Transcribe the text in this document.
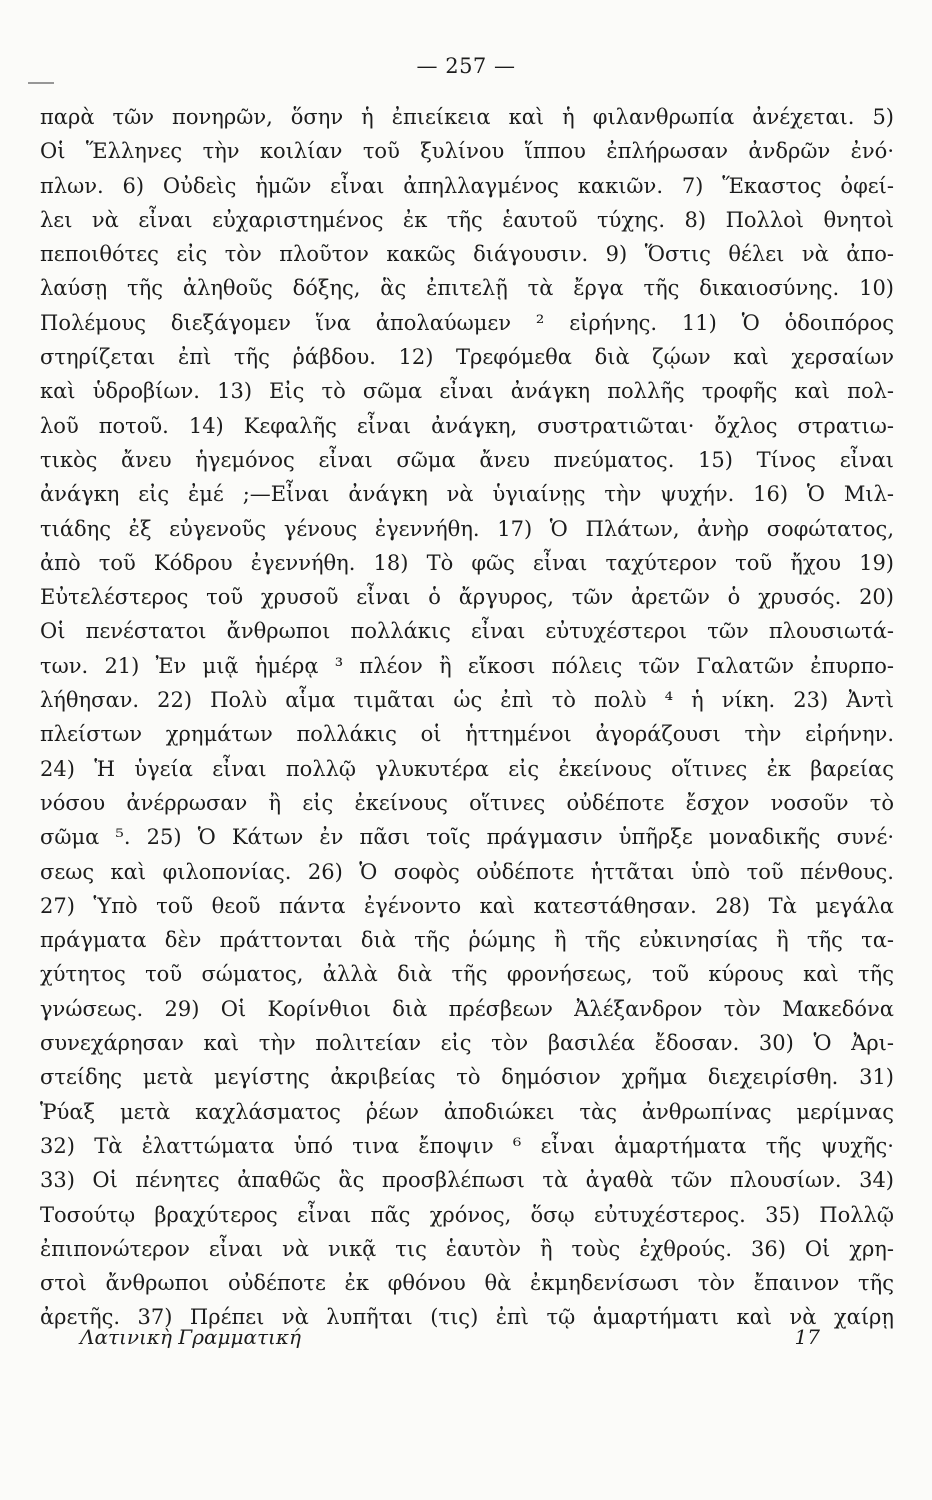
— 257 —
παρὰ τῶν πονηρῶν, ὅσην ἡ ἐπιείκεια καὶ ἡ φιλανθρωπία ἀνέχεται. 5)
Οἱ Ἕλληνες τὴν κοιλίαν τοῦ ξυλίνου ἵππου ἐπλήρωσαν ἀνδρῶν ἐνό·
πλων. 6) Οὐδεὶς ἡμῶν εἶναι ἀπηλλαγμένος κακιῶν. 7) Ἕκαστος ὀφεί-
λει νὰ εἶναι εὐχαριστημένος ἐκ τῆς ἑαυτοῦ τύχης. 8) Πολλοὶ θνητοὶ
πεποιθότες εἰς τὸν πλοῦτον κακῶς διάγουσιν. 9) Ὅστις θέλει νὰ ἀπο-
λαύσῃ τῆς ἀληθοῦς δόξης, ἃς ἐπιτελῇ τὰ ἔργα τῆς δικαιοσύνης. 10)
Πολέμους διεξάγομεν ἵνα ἀπολαύωμεν ² εἰρήνης. 11) Ὁ ὁδοιπόρος
στηρίζεται ἐπὶ τῆς ῥάβδου. 12) Τρεφόμεθα διὰ ζῴων καὶ χερσαίων
καὶ ὑδροβίων. 13) Εἰς τὸ σῶμα εἶναι ἀνάγκη πολλῆς τροφῆς καὶ πολ-
λοῦ ποτοῦ. 14) Κεφαλῆς εἶναι ἀνάγκη, συστρατιῶται· ὄχλος στρατιω-
τικὸς ἄνευ ἡγεμόνος εἶναι σῶμα ἄνευ πνεύματος. 15) Τίνος εἶναι
ἀνάγκη εἰς ἐμέ ;—Εἶναι ἀνάγκη νὰ ὑγιαίνῃς τὴν ψυχήν. 16) Ὁ Μιλ-
τιάδης ἐξ εὐγενοῦς γένους ἐγεννήθη. 17) Ὁ Πλάτων, ἀνὴρ σοφώτατος,
ἀπὸ τοῦ Κόδρου ἐγεννήθη. 18) Τὸ φῶς εἶναι ταχύτερον τοῦ ἤχου 19)
Εὐτελέστερος τοῦ χρυσοῦ εἶναι ὁ ἄργυρος, τῶν ἀρετῶν ὁ χρυσός. 20)
Οἱ πενέστατοι ἄνθρωποι πολλάκις εἶναι εὐτυχέστεροι τῶν πλουσιωτά-
των. 21) Ἐν μιᾷ ἡμέρᾳ ³ πλέον ἢ εἴκοσι πόλεις τῶν Γαλατῶν ἐπυρπο-
λήθησαν. 22) Πολὺ αἷμα τιμᾶται ὡς ἐπὶ τὸ πολὺ ⁴ ἡ νίκη. 23) Ἀντὶ
πλείστων χρημάτων πολλάκις οἱ ἡττημένοι ἀγοράζουσι τὴν εἰρήνην.
24) Ἡ ὑγεία εἶναι πολλῷ γλυκυτέρα εἰς ἐκείνους οἵτινες ἐκ βαρείας
νόσου ἀνέρρωσαν ἢ εἰς ἐκείνους οἵτινες οὐδέποτε ἔσχον νοσοῦν τὸ
σῶμα ⁵. 25) Ὁ Κάτων ἐν πᾶσι τοῖς πράγμασιν ὑπῆρξε μοναδικῆς συνέ·
σεως καὶ φιλοπονίας. 26) Ὁ σοφὸς οὐδέποτε ἡττᾶται ὑπὸ τοῦ πένθους.
27) Ὑπὸ τοῦ θεοῦ πάντα ἐγένοντο καὶ κατεστάθησαν. 28) Τὰ μεγάλα
πράγματα δὲν πράττονται διὰ τῆς ῥώμης ἢ τῆς εὐκινησίας ἢ τῆς τα-
χύτητος τοῦ σώματος, ἀλλὰ διὰ τῆς φρονήσεως, τοῦ κύρους καὶ τῆς
γνώσεως. 29) Οἱ Κορίνθιοι διὰ πρέσβεων Ἀλέξανδρον τὸν Μακεδόνα
συνεχάρησαν καὶ τὴν πολιτείαν εἰς τὸν βασιλέα ἔδοσαν. 30) Ὁ Ἀρι-
στείδης μετὰ μεγίστης ἀκριβείας τὸ δημόσιον χρῆμα διεχειρίσθη. 31)
Ῥύαξ μετὰ καχλάσματος ῥέων ἀποδιώκει τὰς ἀνθρωπίνας μερίμνας
32) Τὰ ἐλαττώματα ὑπό τινα ἔποψιν ⁶ εἶναι ἁμαρτήματα τῆς ψυχῆς·
33) Οἱ πένητες ἀπαθῶς ἃς προσβλέπωσι τὰ ἀγαθὰ τῶν πλουσίων. 34)
Τοσούτῳ βραχύτερος εἶναι πᾶς χρόνος, ὅσῳ εὐτυχέστερος. 35) Πολλῷ
ἐπιπονώτερον εἶναι νὰ νικᾷ τις ἑαυτὸν ἢ τοὺς ἐχθρούς. 36) Οἱ χρη-
στοὶ ἄνθρωποι οὐδέποτε ἐκ φθόνου θὰ ἐκμηδενίσωσι τὸν ἔπαινον τῆς
ἀρετῆς. 37) Πρέπει νὰ λυπῆται (τις) ἐπὶ τῷ ἁμαρτήματι καὶ νὰ χαίρῃ
Λατινικὴ Γραμματική	17
